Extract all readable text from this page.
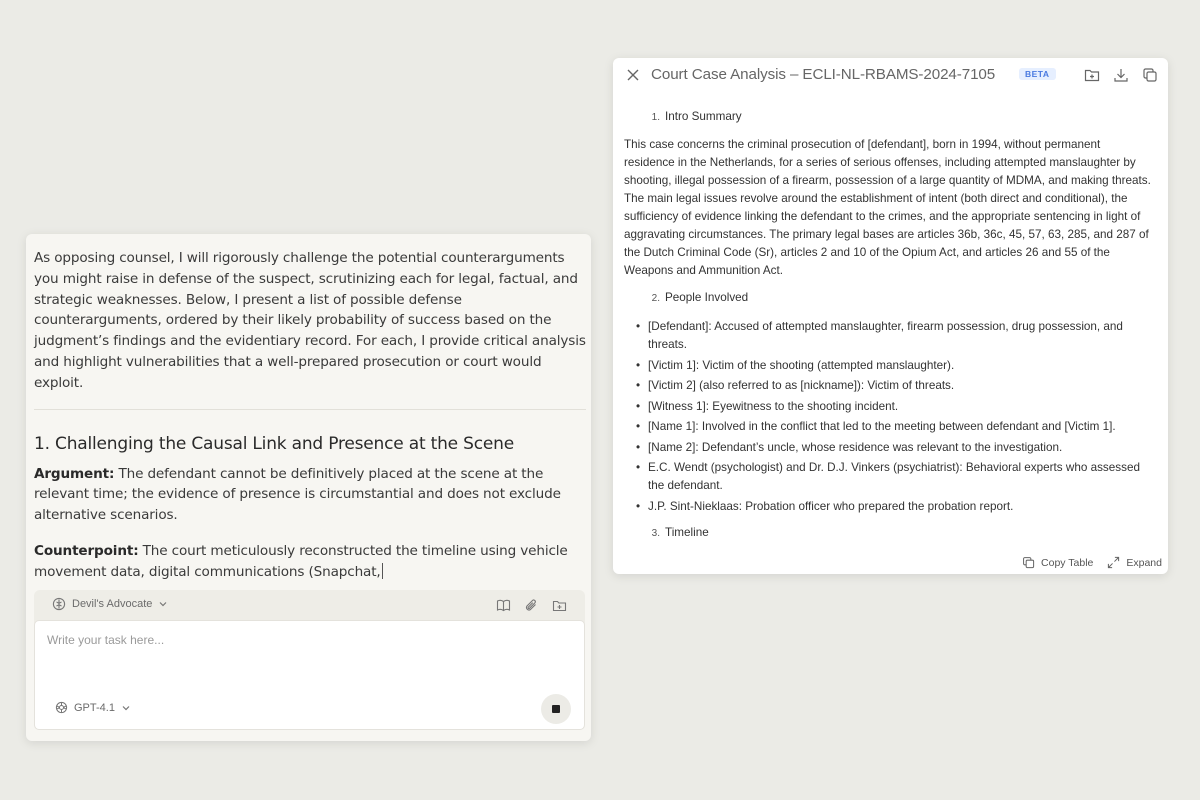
As opposing counsel, I will rigorously challenge the potential counterarguments you might raise in defense of the suspect, scrutinizing each for legal, factual, and strategic weaknesses. Below, I present a list of possible defense counterarguments, ordered by their likely probability of success based on the judgment’s findings and the evidentiary record. For each, I provide critical analysis and highlight vulnerabilities that a well-prepared prosecution or court would exploit.

1. Challenging the Causal Link and Presence at the Scene

Argument: The defendant cannot be definitively placed at the scene at the relevant time; the evidence of presence is circumstantial and does not exclude alternative scenarios.

Counterpoint: The court meticulously reconstructed the timeline using vehicle movement data, digital communications (Snapchat,

Devil's Advocate
Write your task here...
GPT-4.1
Court Case Analysis – ECLI-NL-RBAMS-2024-7105	BETA
1. Intro Summary

This case concerns the criminal prosecution of [defendant], born in 1994, without permanent residence in the Netherlands, for a series of serious offenses, including attempted manslaughter by shooting, illegal possession of a firearm, possession of a large quantity of MDMA, and making threats. The main legal issues revolve around the establishment of intent (both direct and conditional), the sufficiency of evidence linking the defendant to the crimes, and the appropriate sentencing in light of aggravating circumstances. The primary legal bases are articles 36b, 36c, 45, 57, 63, 285, and 287 of the Dutch Criminal Code (Sr), articles 2 and 10 of the Opium Act, and articles 26 and 55 of the Weapons and Ammunition Act.

2. People Involved
• [Defendant]: Accused of attempted manslaughter, firearm possession, drug possession, and threats.
• [Victim 1]: Victim of the shooting (attempted manslaughter).
• [Victim 2] (also referred to as [nickname]): Victim of threats.
• [Witness 1]: Eyewitness to the shooting incident.
• [Name 1]: Involved in the conflict that led to the meeting between defendant and [Victim 1].
• [Name 2]: Defendant’s uncle, whose residence was relevant to the investigation.
• E.C. Wendt (psychologist) and Dr. D.J. Vinkers (psychiatrist): Behavioral experts who assessed the defendant.
• J.P. Sint-Nieklaas: Probation officer who prepared the probation report.
3. Timeline
Copy Table	Expand
